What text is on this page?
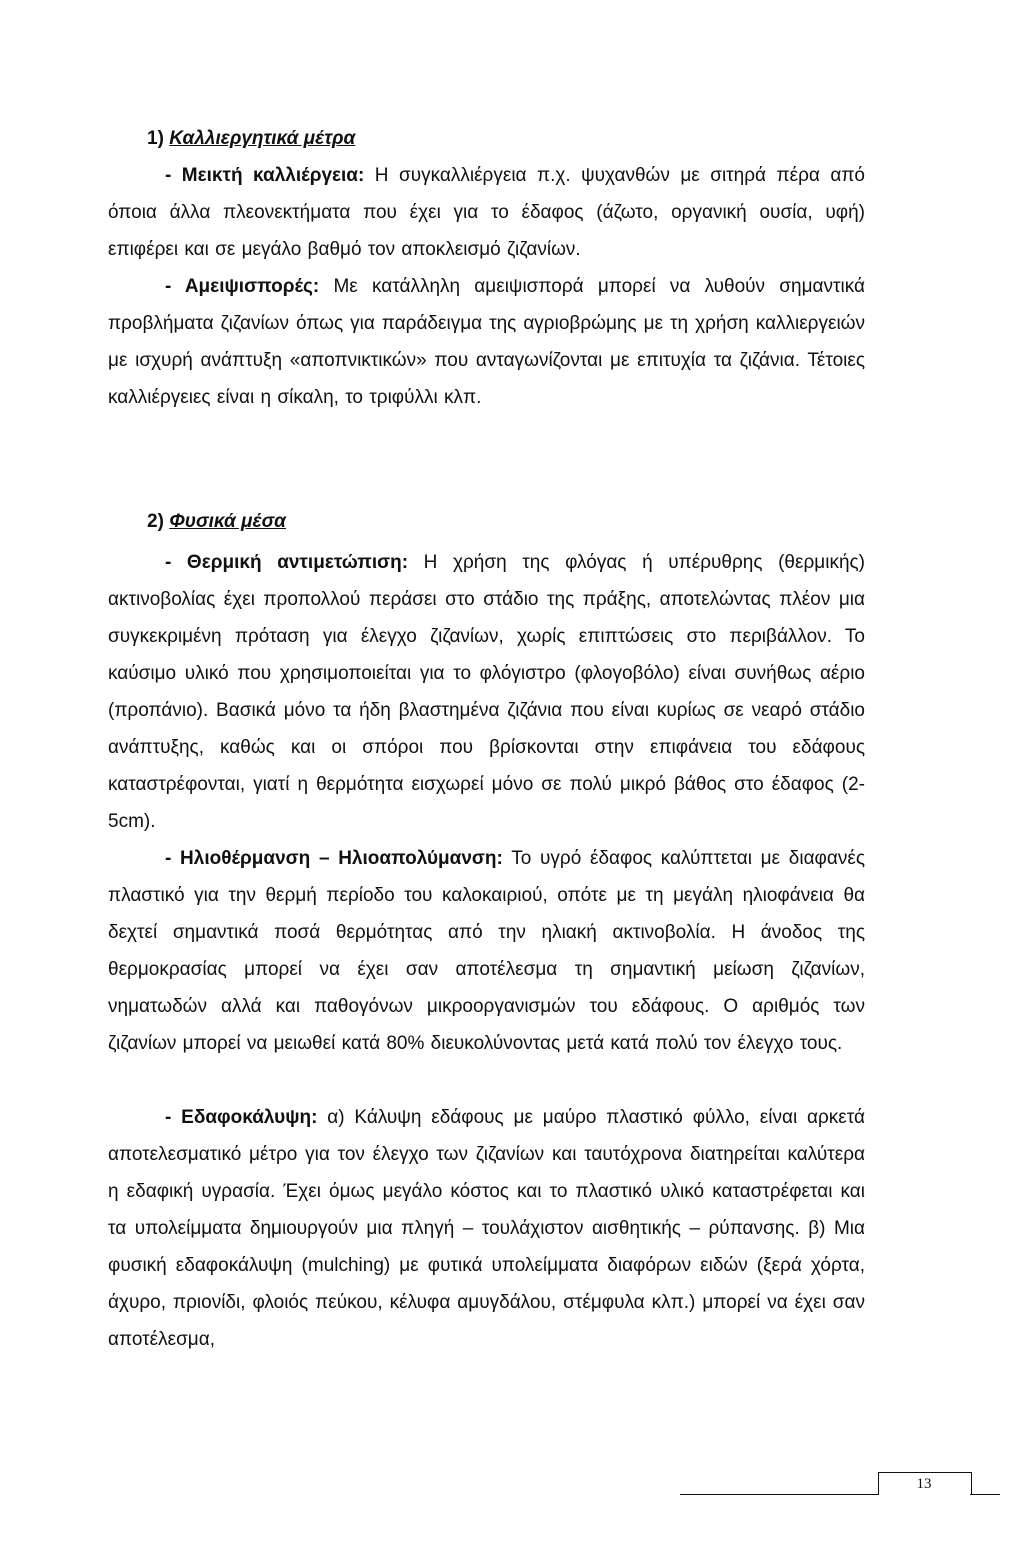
1) Καλλιεργητικά μέτρα

- Μεικτή καλλιέργεια: Η συγκαλλιέργεια π.χ. ψυχανθών με σιτηρά πέρα από όποια άλλα πλεονεκτήματα που έχει για το έδαφος (άζωτο, οργανική ουσία, υφή) επιφέρει και σε μεγάλο βαθμό τον αποκλεισμό ζιζανίων.

- Αμειψισπορές: Με κατάλληλη αμειψισπορά μπορεί να λυθούν σημαντικά προβλήματα ζιζανίων όπως για παράδειγμα της αγριοβρώμης με τη χρήση καλλιεργειών με ισχυρή ανάπτυξη «αποπνικτικών» που ανταγωνίζονται με επιτυχία τα ζιζάνια. Τέτοιες καλλιέργειες είναι η σίκαλη, το τριφύλλι κλπ.

2) Φυσικά μέσα

- Θερμική αντιμετώπιση: Η χρήση της φλόγας ή υπέρυθρης (θερμικής) ακτινοβολίας έχει προπολλού περάσει στο στάδιο της πράξης, αποτελώντας πλέον μια συγκεκριμένη πρόταση για έλεγχο ζιζανίων, χωρίς επιπτώσεις στο περιβάλλον. Το καύσιμο υλικό που χρησιμοποιείται για το φλόγιστρο (φλογοβόλο) είναι συνήθως αέριο (προπάνιο). Βασικά μόνο τα ήδη βλαστημένα ζιζάνια που είναι κυρίως σε νεαρό στάδιο ανάπτυξης, καθώς και οι σπόροι που βρίσκονται στην επιφάνεια του εδάφους καταστρέφονται, γιατί η θερμότητα εισχωρεί μόνο σε πολύ μικρό βάθος στο έδαφος (2-5cm).

- Ηλιοθέρμανση – Ηλιοαπολύμανση: Το υγρό έδαφος καλύπτεται με διαφανές πλαστικό για την θερμή περίοδο του καλοκαιριού, οπότε με τη μεγάλη ηλιοφάνεια θα δεχτεί σημαντικά ποσά θερμότητας από την ηλιακή ακτινοβολία. Η άνοδος της θερμοκρασίας μπορεί να έχει σαν αποτέλεσμα τη σημαντική μείωση ζιζανίων, νηματωδών αλλά και παθογόνων μικροοργανισμών του εδάφους. Ο αριθμός των ζιζανίων μπορεί να μειωθεί κατά 80% διευκολύνοντας μετά κατά πολύ τον έλεγχο τους.

- Εδαφοκάλυψη: α) Κάλυψη εδάφους με μαύρο πλαστικό φύλλο, είναι αρκετά αποτελεσματικό μέτρο για τον έλεγχο των ζιζανίων και ταυτόχρονα διατηρείται καλύτερα η εδαφική υγρασία. Έχει όμως μεγάλο κόστος και το πλαστικό υλικό καταστρέφεται και τα υπολείμματα δημιουργούν μια πληγή – τουλάχιστον αισθητικής – ρύπανσης. β) Μια φυσική εδαφοκάλυψη (mulching) με φυτικά υπολείμματα διαφόρων ειδών (ξερά χόρτα, άχυρο, πριονίδι, φλοιός πεύκου, κέλυφα αμυγδάλου, στέμφυλα κλπ.) μπορεί να έχει σαν αποτέλεσμα,

13
